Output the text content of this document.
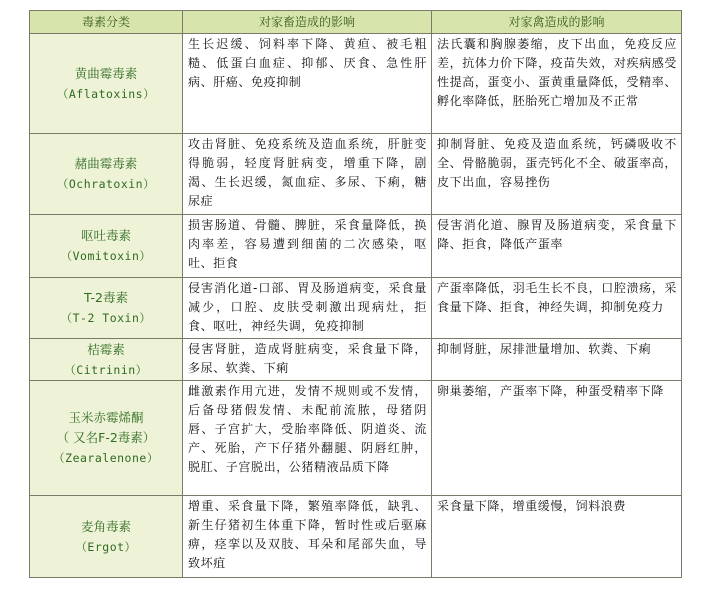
毒素分类	对家畜造成的影响	对家禽造成的影响

黄曲霉毒素
（Aflatoxins）	生长迟缓、饲料率下降、黄疸、被毛粗糙、低蛋白血症、抑郁、厌食、急性肝病、肝癌、免疫抑制	法氏囊和胸腺萎缩，皮下出血，免疫反应差，抗体力价下降，疫苗失效，对疾病感受性提高，蛋变小、蛋黄重量降低，受精率、孵化率降低，胚胎死亡增加及不正常

赭曲霉毒素
（Ochratoxin）	攻击肾脏、免疫系统及造血系统，肝脏变得脆弱，轻度肾脏病变，增重下降，剧渴、生长迟缓，氮血症、多尿、下痢，糖尿症	抑制肾脏、免疫及造血系统，钙磷吸收不全、骨骼脆弱，蛋壳钙化不全、破蛋率高，皮下出血，容易挫伤

呕吐毒素
（Vomitoxin）	损害肠道、骨髓、脾脏，采食量降低，换肉率差，容易遭到细菌的二次感染，呕吐、拒食	侵害消化道、腺胃及肠道病变，采食量下降、拒食，降低产蛋率

T-2毒素
（T-2 Toxin）	侵害消化道-口部、胃及肠道病变，采食量减少，口腔、皮肤受刺激出现病灶，拒食、呕吐，神经失调，免疫抑制	产蛋率降低，羽毛生长不良，口腔溃疡，采食量下降、拒食，神经失调，抑制免疫力

桔霉素
（Citrinin）	侵害肾脏，造成肾脏病变，采食量下降，多尿、软粪、下痢	抑制肾脏，尿排泄量增加、软粪、下痢

玉米赤霉烯酮
（ 又名F-2毒素）
（Zearalenone）	雌激素作用亢进，发情不规则或不发情，后备母猪假发情、未配前流脓，母猪阴唇、子宫扩大，受胎率降低、阴道炎、流产、死胎，产下仔猪外翻腿、阴唇红肿，脱肛、子宫脱出，公猪精液品质下降	卵巢萎缩，产蛋率下降，种蛋受精率下降

麦角毒素
（Ergot）	增重、采食量下降，繁殖率降低，缺乳、新生仔猪初生体重下降，暂时性或后驱麻痹，痉挛以及双肢、耳朵和尾部失血，导致坏疽	采食量下降，增重缓慢，饲料浪费
